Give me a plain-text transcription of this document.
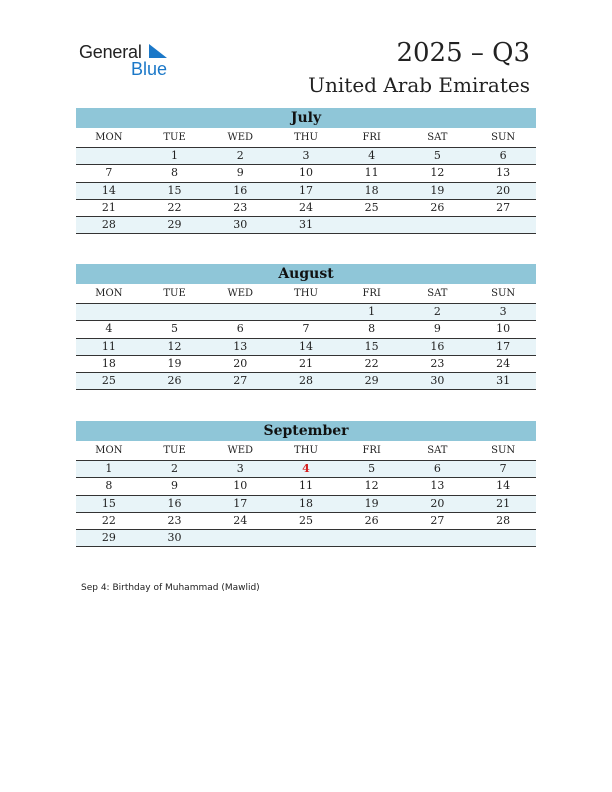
General
Blue
2025 – Q3
United Arab Emirates
July
MON	TUE	WED	THU	FRI	SAT	SUN
	1	2	3	4	5	6
7	8	9	10	11	12	13
14	15	16	17	18	19	20
21	22	23	24	25	26	27
28	29	30	31			
August
MON	TUE	WED	THU	FRI	SAT	SUN
				1	2	3
4	5	6	7	8	9	10
11	12	13	14	15	16	17
18	19	20	21	22	23	24
25	26	27	28	29	30	31
September
MON	TUE	WED	THU	FRI	SAT	SUN
1	2	3	4	5	6	7
8	9	10	11	12	13	14
15	16	17	18	19	20	21
22	23	24	25	26	27	28
29	30					
Sep 4: Birthday of Muhammad (Mawlid)
